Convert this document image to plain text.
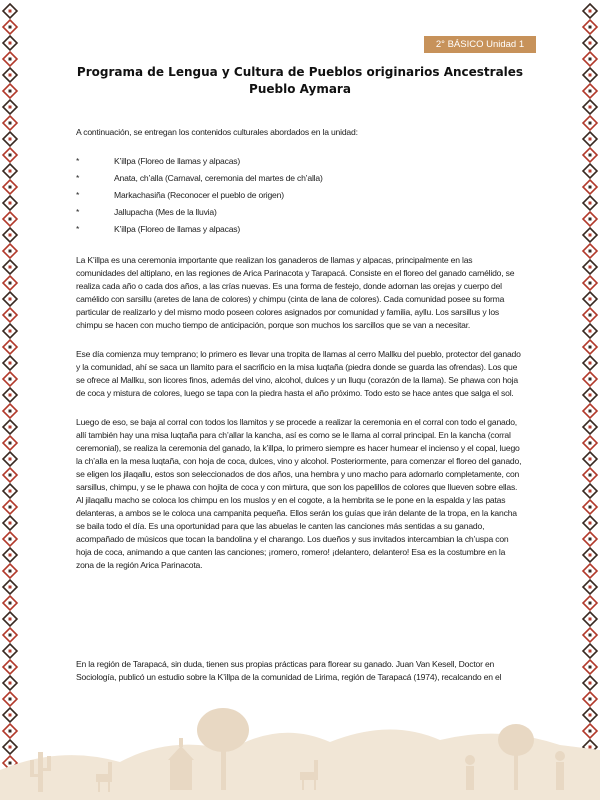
2° BÁSICO Unidad 1
Programa de Lengua y Cultura de Pueblos originarios Ancestrales
Pueblo Aymara

A continuación, se entregan los contenidos culturales abordados en la unidad:

*	K’illpa (Floreo de llamas y alpacas)
*	Anata, ch’alla (Carnaval, ceremonia del martes de ch’alla)
*	Markachasiña (Reconocer el pueblo de origen)
*	Jallupacha (Mes de la lluvia)
*	K’illpa (Floreo de llamas y alpacas)

La K’illpa es una ceremonia importante que realizan los ganaderos de llamas y alpacas, principalmente en las comunidades del altiplano, en las regiones de Arica Parinacota y Tarapacá. Consiste en el floreo del ganado camélido, se realiza cada año o cada dos años, a las crías nuevas. Es una forma de festejo, donde adornan las orejas y cuerpo del camélido con sarsillu (aretes de lana de colores) y chimpu (cinta de lana de colores). Cada comunidad posee su forma particular de realizarlo y del mismo modo poseen colores asignados por comunidad y familia, ayllu. Los sarsillus y los chimpu se hacen con mucho tiempo de anticipación, porque son muchos los sarcillos que se van a necesitar.

Ese día comienza muy temprano; lo primero es llevar una tropita de llamas al cerro Mallku del pueblo, protector del ganado y la comunidad, ahí se saca un llamito para el sacrificio en la misa luqtaña (piedra donde se guarda las ofrendas). Los que se ofrece al Mallku, son licores finos, además del vino, alcohol, dulces y un lluqu (corazón de la llama). Se phawa con hoja de coca y mistura de colores, luego se tapa con la piedra hasta el año próximo. Todo esto se hace antes que salga el sol.

Luego de eso, se baja al corral con todos los llamitos y se procede a realizar la ceremonia en el corral con todo el ganado, allí también hay una misa luqtaña para ch’allar la kancha, así es como se le llama al corral principal. En la kancha (corral ceremonial), se realiza la ceremonia del ganado, la k’illpa, lo primero siempre es hacer humear el incienso y el copal, luego la ch’alla en la mesa luqtaña, con hoja de coca, dulces, vino y alcohol. Posteriormente, para comenzar el floreo del ganado, se eligen los jilaqallu, estos son seleccionados de dos años, una hembra y uno macho para adornarlo completamente, con sarsillus, chimpu, y se le phawa con hojita de coca y con mirtura, que son los papelillos de colores que llueven sobre ellas. Al jilaqallu macho se coloca los chimpu en los muslos y en el cogote, a la hembrita se le pone en la espalda y las patas delanteras, a ambos se le coloca una campanita pequeña. Ellos serán los guías que irán delante de la tropa, en la kancha se baila todo el día. Es una oportunidad para que las abuelas le canten las canciones más sentidas a su ganado, acompañado de músicos que tocan la bandolina y el charango. Los dueños y sus invitados intercambian la ch’uspa con hoja de coca, animando a que canten las canciones; ¡romero, romero! ¡delantero, delantero! Esa es la costumbre en la zona de la región Arica Parinacota.

En la región de Tarapacá, sin duda, tienen sus propias prácticas para florear su ganado. Juan Van Kesell, Doctor en Sociología, publicó un estudio sobre la K’illpa de la comunidad de Lirima, región de Tarapacá (1974), recalcando en el
